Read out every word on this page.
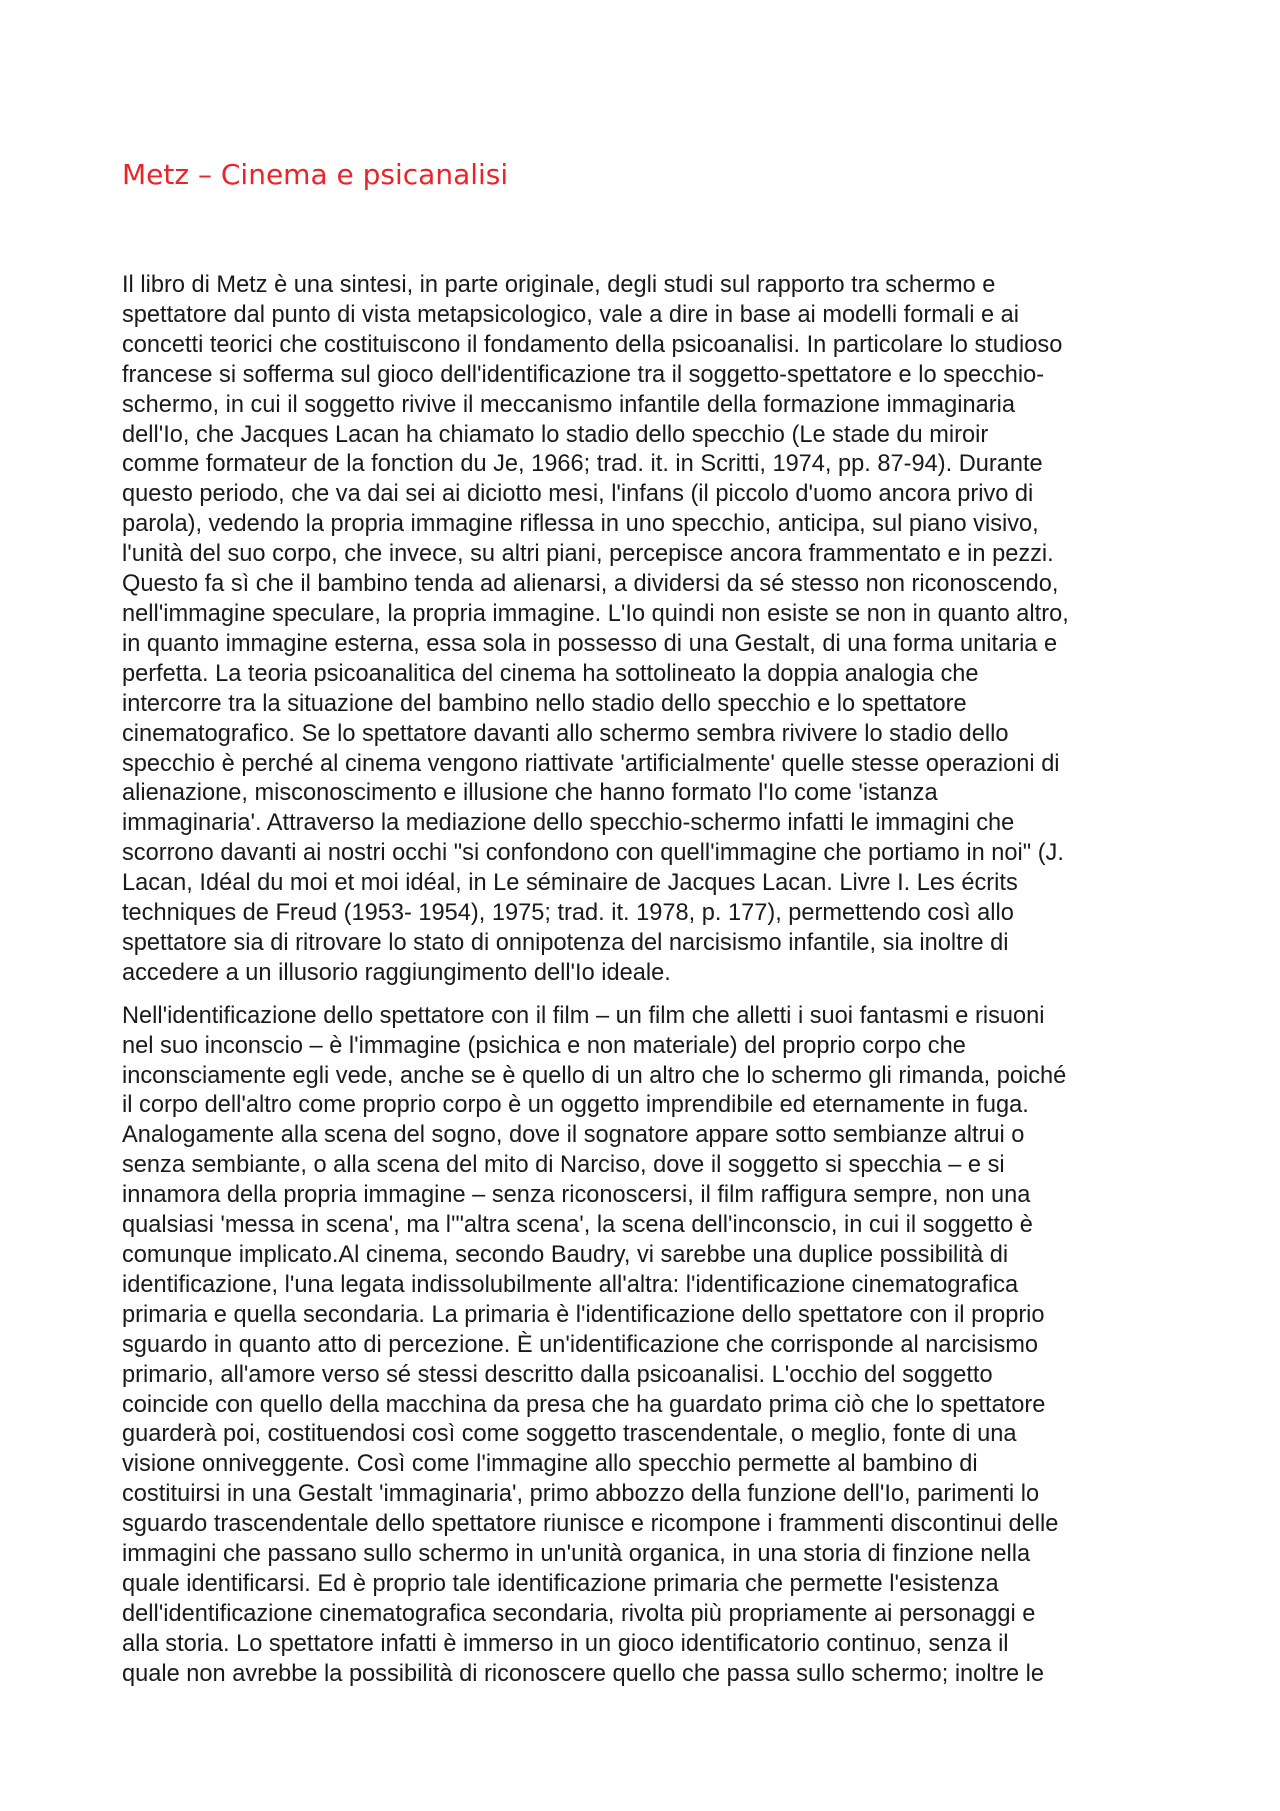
Metz – Cinema e psicanalisi

Il libro di Metz è una sintesi, in parte originale, degli studi sul rapporto tra schermo e
spettatore dal punto di vista metapsicologico, vale a dire in base ai modelli formali e ai
concetti teorici che costituiscono il fondamento della psicoanalisi. In particolare lo studioso
francese si sofferma sul gioco dell'identificazione tra il soggetto-spettatore e lo specchio-
schermo, in cui il soggetto rivive il meccanismo infantile della formazione immaginaria
dell'Io, che Jacques Lacan ha chiamato lo stadio dello specchio (Le stade du miroir
comme formateur de la fonction du Je, 1966; trad. it. in Scritti, 1974, pp. 87-94). Durante
questo periodo, che va dai sei ai diciotto mesi, l'infans (il piccolo d'uomo ancora privo di
parola), vedendo la propria immagine riflessa in uno specchio, anticipa, sul piano visivo,
l'unità del suo corpo, che invece, su altri piani, percepisce ancora frammentato e in pezzi.
Questo fa sì che il bambino tenda ad alienarsi, a dividersi da sé stesso non riconoscendo,
nell'immagine speculare, la propria immagine. L'Io quindi non esiste se non in quanto altro,
in quanto immagine esterna, essa sola in possesso di una Gestalt, di una forma unitaria e
perfetta. La teoria psicoanalitica del cinema ha sottolineato la doppia analogia che
intercorre tra la situazione del bambino nello stadio dello specchio e lo spettatore
cinematografico. Se lo spettatore davanti allo schermo sembra rivivere lo stadio dello
specchio è perché al cinema vengono riattivate 'artificialmente' quelle stesse operazioni di
alienazione, misconoscimento e illusione che hanno formato l'Io come 'istanza
immaginaria'. Attraverso la mediazione dello specchio-schermo infatti le immagini che
scorrono davanti ai nostri occhi "si confondono con quell'immagine che portiamo in noi" (J.
Lacan, Idéal du moi et moi idéal, in Le séminaire de Jacques Lacan. Livre I. Les écrits
techniques de Freud (1953- 1954), 1975; trad. it. 1978, p. 177), permettendo così allo
spettatore sia di ritrovare lo stato di onnipotenza del narcisismo infantile, sia inoltre di
accedere a un illusorio raggiungimento dell'Io ideale.

Nell'identificazione dello spettatore con il film – un film che alletti i suoi fantasmi e risuoni
nel suo inconscio – è l'immagine (psichica e non materiale) del proprio corpo che
inconsciamente egli vede, anche se è quello di un altro che lo schermo gli rimanda, poiché
il corpo dell'altro come proprio corpo è un oggetto imprendibile ed eternamente in fuga.
Analogamente alla scena del sogno, dove il sognatore appare sotto sembianze altrui o
senza sembiante, o alla scena del mito di Narciso, dove il soggetto si specchia – e si
innamora della propria immagine – senza riconoscersi, il film raffigura sempre, non una
qualsiasi 'messa in scena', ma l'"altra scena', la scena dell'inconscio, in cui il soggetto è
comunque implicato.Al cinema, secondo Baudry, vi sarebbe una duplice possibilità di
identificazione, l'una legata indissolubilmente all'altra: l'identificazione cinematografica
primaria e quella secondaria. La primaria è l'identificazione dello spettatore con il proprio
sguardo in quanto atto di percezione. È un'identificazione che corrisponde al narcisismo
primario, all'amore verso sé stessi descritto dalla psicoanalisi. L'occhio del soggetto
coincide con quello della macchina da presa che ha guardato prima ciò che lo spettatore
guarderà poi, costituendosi così come soggetto trascendentale, o meglio, fonte di una
visione onniveggente. Così come l'immagine allo specchio permette al bambino di
costituirsi in una Gestalt 'immaginaria', primo abbozzo della funzione dell'Io, parimenti lo
sguardo trascendentale dello spettatore riunisce e ricompone i frammenti discontinui delle
immagini che passano sullo schermo in un'unità organica, in una storia di finzione nella
quale identificarsi. Ed è proprio tale identificazione primaria che permette l'esistenza
dell'identificazione cinematografica secondaria, rivolta più propriamente ai personaggi e
alla storia. Lo spettatore infatti è immerso in un gioco identificatorio continuo, senza il
quale non avrebbe la possibilità di riconoscere quello che passa sullo schermo; inoltre le
